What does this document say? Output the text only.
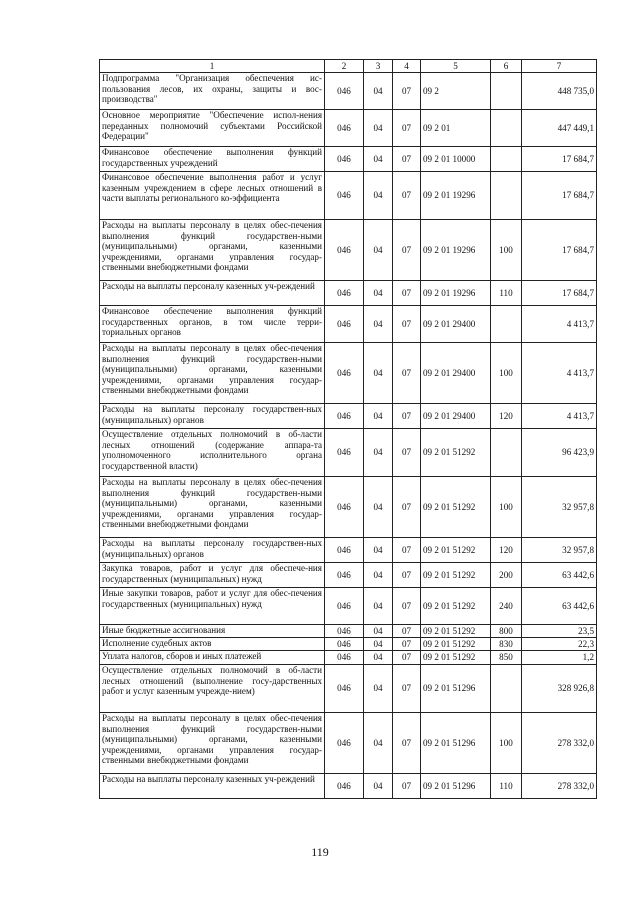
1	2	3	4	5	6	7
Подпрограмма "Организация обеспечения ис-пользования лесов, их охраны, защиты и вос-производства"	046	04	07	09 2		448 735,0
Основное мероприятие "Обеспечение испол-нения переданных полномочий субъектами Российской Федерации"	046	04	07	09 2 01		447 449,1
Финансовое обеспечение выполнения функций государственных учреждений	046	04	07	09 2 01 10000		17 684,7
Финансовое обеспечение выполнения работ и услуг казенным учреждением в сфере лесных отношений в части выплаты регионального ко-эффициента	046	04	07	09 2 01 19296		17 684,7
Расходы на выплаты персоналу в целях обес-печения выполнения функций государствен-ными (муниципальными) органами, казенными учреждениями, органами управления государ-ственными внебюджетными фондами	046	04	07	09 2 01 19296	100	17 684,7
Расходы на выплаты персоналу казенных уч-реждений	046	04	07	09 2 01 19296	110	17 684,7
Финансовое обеспечение выполнения функций государственных органов, в том числе терри-ториальных органов	046	04	07	09 2 01 29400		4 413,7
Расходы на выплаты персоналу в целях обес-печения выполнения функций государствен-ными (муниципальными) органами, казенными учреждениями, органами управления государ-ственными внебюджетными фондами	046	04	07	09 2 01 29400	100	4 413,7
Расходы на выплаты персоналу государствен-ных (муниципальных) органов	046	04	07	09 2 01 29400	120	4 413,7
Осуществление отдельных полномочий в об-ласти лесных отношений (содержание аппара-та уполномоченного исполнительного органа государственной власти)	046	04	07	09 2 01 51292		96 423,9
Расходы на выплаты персоналу в целях обес-печения выполнения функций государствен-ными (муниципальными) органами, казенными учреждениями, органами управления государ-ственными внебюджетными фондами	046	04	07	09 2 01 51292	100	32 957,8
Расходы на выплаты персоналу государствен-ных (муниципальных) органов	046	04	07	09 2 01 51292	120	32 957,8
Закупка товаров, работ и услуг для обеспече-ния государственных (муниципальных) нужд	046	04	07	09 2 01 51292	200	63 442,6
Иные закупки товаров, работ и услуг для обес-печения государственных (муниципальных) нужд	046	04	07	09 2 01 51292	240	63 442,6
Иные бюджетные ассигнования	046	04	07	09 2 01 51292	800	23,5
Исполнение судебных актов	046	04	07	09 2 01 51292	830	22,3
Уплата налогов, сборов и иных платежей	046	04	07	09 2 01 51292	850	1,2
Осуществление отдельных полномочий в об-ласти лесных отношений (выполнение госу-дарственных работ и услуг казенным учрежде-нием)	046	04	07	09 2 01 51296		328 926,8
Расходы на выплаты персоналу в целях обес-печения выполнения функций государствен-ными (муниципальными) органами, казенными учреждениями, органами управления государ-ственными внебюджетными фондами	046	04	07	09 2 01 51296	100	278 332,0
Расходы на выплаты персоналу казенных уч-реждений	046	04	07	09 2 01 51296	110	278 332,0
119
